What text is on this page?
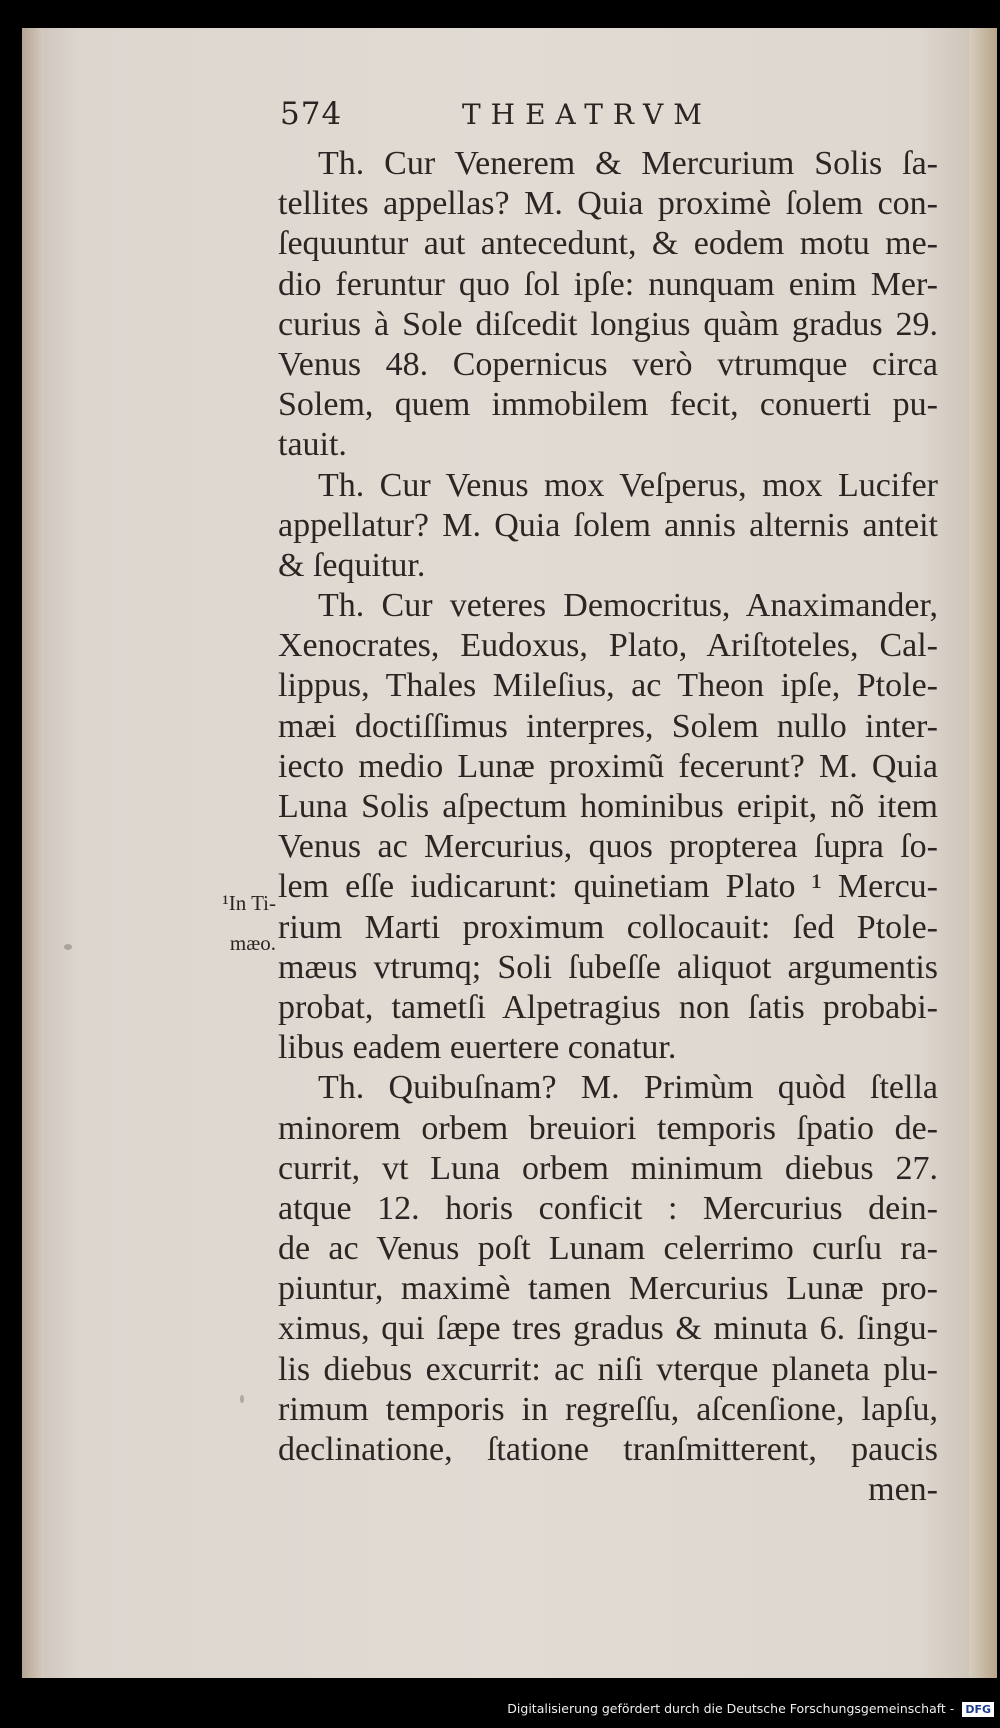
574	THEATRVM
Th. Cur Venerem & Mercurium Solis ſa-
tellites appellas? M. Quia proximè ſolem con-
ſequuntur aut antecedunt, & eodem motu me-
dio feruntur quo ſol ipſe: nunquam enim Mer-
curius à Sole diſcedit longius quàm gradus 29.
Venus 48. Copernicus verò vtrumque circa
Solem, quem immobilem fecit, conuerti pu-
tauit.
Th. Cur Venus mox Veſperus, mox Lucifer
appellatur? M. Quia ſolem annis alternis anteit
& ſequitur.
Th. Cur veteres Democritus, Anaximander,
Xenocrates, Eudoxus, Plato, Ariſtoteles, Cal-
lippus, Thales Mileſius, ac Theon ipſe, Ptole-
mæi doctiſſimus interpres, Solem nullo inter-
iecto medio Lunæ proximũ fecerunt? M. Quia
Luna Solis aſpectum hominibus eripit, nõ item
Venus ac Mercurius, quos propterea ſupra ſo-
lem eſſe iudicarunt: quinetiam Plato ¹ Mercu-
rium Marti proximum collocauit: ſed Ptole-
mæus vtrumq; Soli ſubeſſe aliquot argumentis
probat, tametſi Alpetragius non ſatis probabi-
libus eadem euertere conatur.
Th. Quibuſnam? M. Primùm quòd ſtella
minorem orbem breuiori temporis ſpatio de-
currit, vt Luna orbem minimum diebus 27.
atque 12. horis conficit : Mercurius dein-
de ac Venus poſt Lunam celerrimo curſu ra-
piuntur, maximè tamen Mercurius Lunæ pro-
ximus, qui ſæpe tres gradus & minuta 6. ſingu-
lis diebus excurrit: ac niſi vterque planeta plu-
rimum temporis in regreſſu, aſcenſione, lapſu,
declinatione, ſtatione tranſmitterent, paucis
men-
¹In Ti-
mæo.
Digitalisierung gefördert durch die Deutsche Forschungsgemeinschaft - DFG
